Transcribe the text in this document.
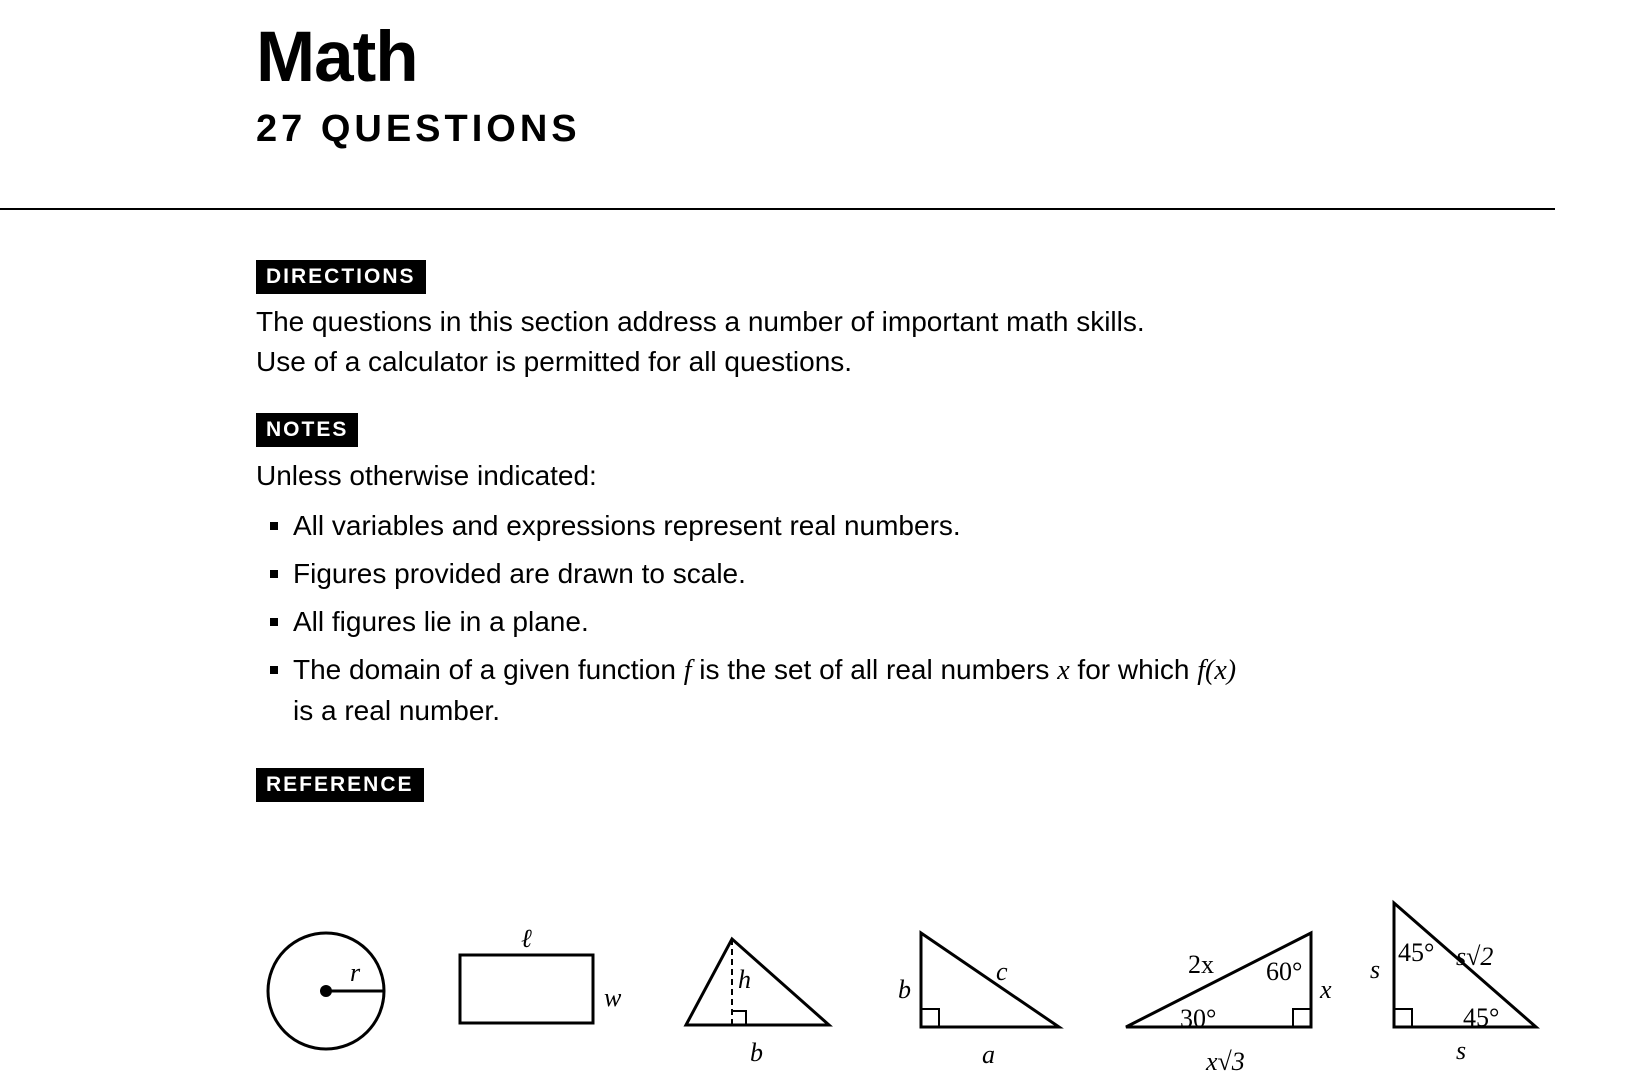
Math
27 QUESTIONS
DIRECTIONS
The questions in this section address a number of important math skills.
Use of a calculator is permitted for all questions.
NOTES
Unless otherwise indicated:
All variables and expressions represent real numbers.
Figures provided are drawn to scale.
All figures lie in a plane.
The domain of a given function f is the set of all real numbers x for which f(x)
is a real number.
REFERENCE
r
ℓ
w
h
b
b
c
a
2x 60°
x
30°
x√3
s
45° s√2
45°
s
